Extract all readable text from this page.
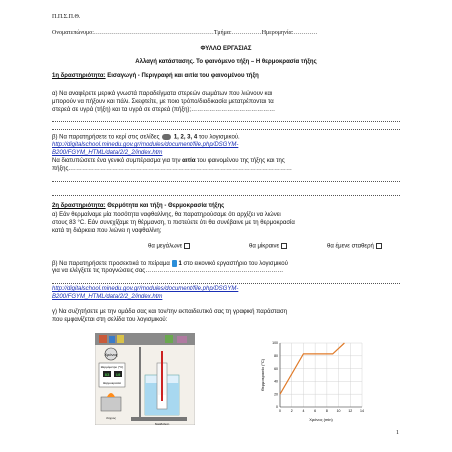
Π.Π.Σ.Π.Θ.
Ονοματεπώνυμο:……………………………………………………Τμήμα:……………Ημερομηνία:…………
ΦΥΛΛΟ ΕΡΓΑΣΙΑΣ
Αλλαγή κατάστασης. Το φαινόμενο τήξη – Η θερμοκρασία τήξης
1η δραστηριότητα: Εισαγωγή - Περιγραφή και αιτία του φαινομένου τήξη
α) Να αναφέρετε μερικά γνωστά παραδείγματα στερεών σωμάτων που λιώνουν και
μπορούν να πήξουν και πάλι. Σκεφτείτε, με ποιο τρόπο/διαδικασία μετατρέπονται τα
στερεά σε υγρά (τήξη) και τα υγρά σε στερεά (πήξη);……………………………………
β) Να παρατηρήσετε το κερί στις σελίδες 1, 2, 3, 4 του λογισμικού.
http://digitalschool.minedu.gov.gr/modules/document/file.php/DSGYM-
B200/FGYM_HTML/data/2/2_2/index.htm
Να διατυπώσετε ένα γενικό συμπέρασμα για την αιτία του φαινομένου της τήξης και της
πήξης.…………………………………………………………………………………………………
2η δραστηριότητα: Θερμότητα και τήξη - Θερμοκρασία τήξης
α) Εάν θερμαίναμε μία ποσότητα ναφθαλίνης, θα παρατηρούσαμε ότι αρχίζει να λιώνει
στους 83 °C. Εάν συνεχίζαμε τη θέρμανση, τι πιστεύετε ότι θα συνέβαινε με τη θερμοκρασία
κατά τη διάρκεια που λιώνει η ναφθαλίνη;
θα μεγάλωνε	θα μίκραινε	θα έμενε σταθερή
β) Να παρατηρήσετε προσεκτικά το πείραμα 1 στο εικονικό εργαστήριο του λογισμικού
για να ελέγξετε τις προγνώσεις σας……………………………………………………………
http://digitalschool.minedu.gov.gr/modules/document/file.php/DSGYM-
B200/FGYM_HTML/data/2/2_2/index.htm
γ) Να συζητήσετε με την ομάδα σας και τον/την εκπαιδευτικό σας τη γραφική παράσταση
που εμφανίζεται στη σελίδα του λογισμικού:
Χρόνος
Θερμόμετρο (°C)
83 10
Θερμοκρασία
Λύχνος
Ναφθαλίνη
0	2	4	6	8	10 12 14
0
20
40
60
80
100
Χρόνος (min)
Θερμοκρασία (°C)
1
